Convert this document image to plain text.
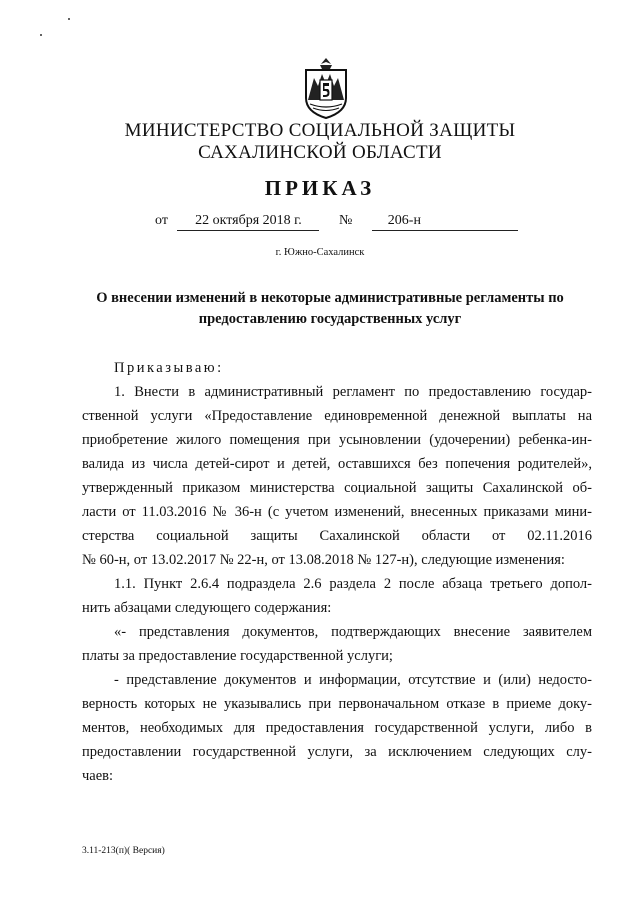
МИНИСТЕРСТВО СОЦИАЛЬНОЙ ЗАЩИТЫ
САХАЛИНСКОЙ ОБЛАСТИ
ПРИКАЗ
от 22 октября 2018 г.	№	206-н
г. Южно-Сахалинск
О внесении изменений в некоторые административные регламенты по
предоставлению государственных услуг

Приказываю:

1. Внести в административный регламент по предоставлению государ-

ственной услуги «Предоставление единовременной денежной выплаты на

приобретение жилого помещения при усыновлении (удочерении) ребенка-ин-

валида из числа детей-сирот и детей, оставшихся без попечения родителей»,

утвержденный приказом министерства социальной защиты Сахалинской об-

ласти от 11.03.2016 № 36-н (с учетом изменений, внесенных приказами мини-

стерства социальной защиты Сахалинской области от 02.11.2016

№ 60-н, от 13.02.2017 № 22-н, от 13.08.2018 № 127-н), следующие изменения:

1.1. Пункт 2.6.4 подраздела 2.6 раздела 2 после абзаца третьего допол-

нить абзацами следующего содержания:

«- представления документов, подтверждающих внесение заявителем

платы за предоставление государственной услуги;

- представление документов и информации, отсутствие и (или) недосто-

верность которых не указывались при первоначальном отказе в приеме доку-

ментов, необходимых для предоставления государственной услуги, либо в

предоставлении государственной услуги, за исключением следующих слу-

чаев:

3.11-213(п)( Версия)
